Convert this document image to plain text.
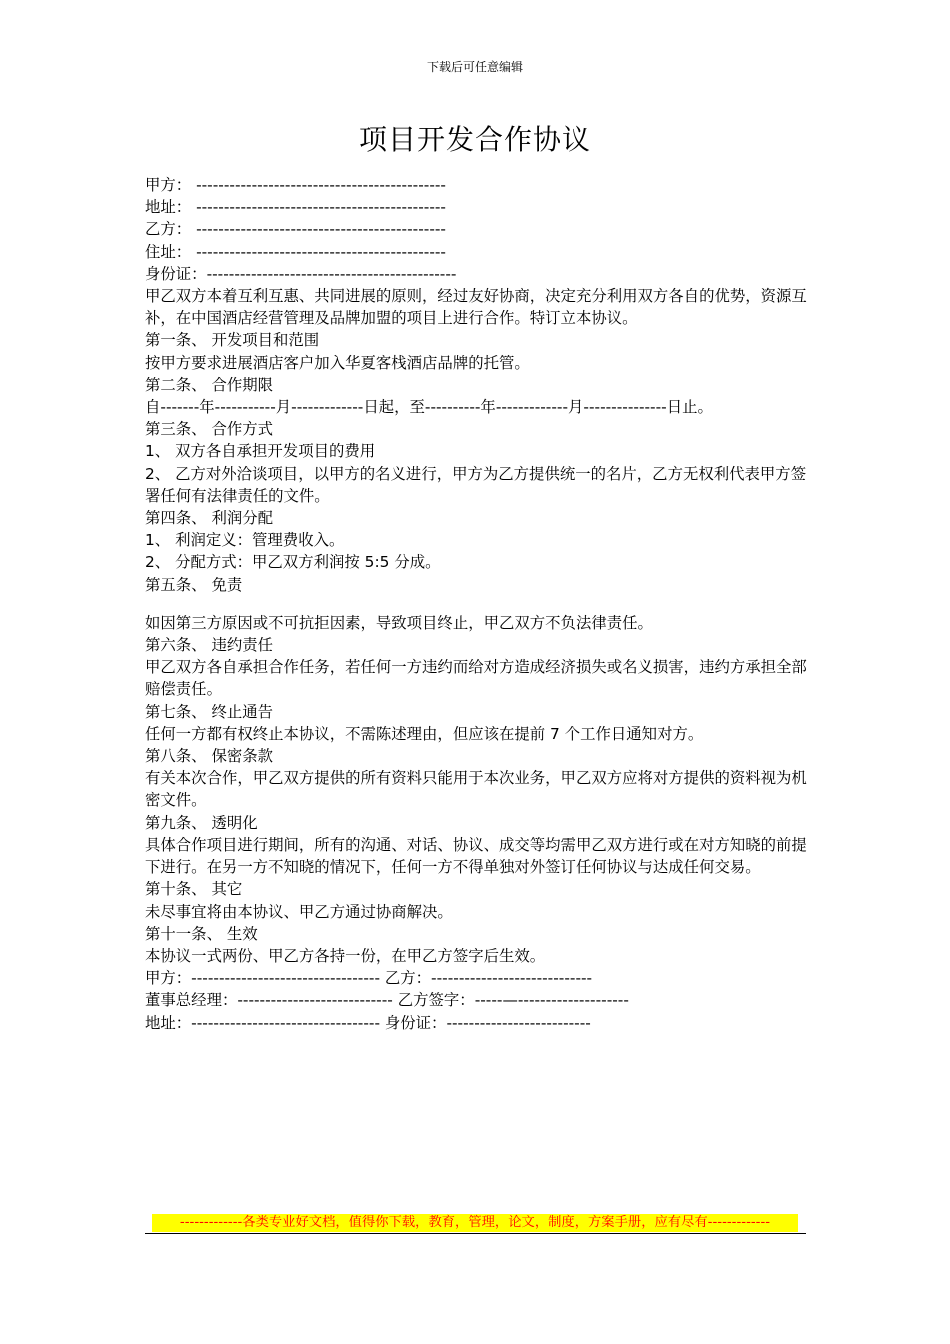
下载后可任意编辑
项目开发合作协议
甲方： ---------------------------------------------
地址： ---------------------------------------------
乙方： ---------------------------------------------
住址： ---------------------------------------------
身份证：---------------------------------------------
甲乙双方本着互利互惠、共同进展的原则，经过友好协商，决定充分利用双方各自的优势，资源互补，在中国酒店经营管理及品牌加盟的项目上进行合作。特订立本协议。
第一条、 开发项目和范围
按甲方要求进展酒店客户加入华夏客栈酒店品牌的托管。
第二条、 合作期限
自-------年-----------月-------------日起，至----------年-------------月---------------日止。
第三条、 合作方式
1、 双方各自承担开发项目的费用
2、 乙方对外洽谈项目，以甲方的名义进行，甲方为乙方提供统一的名片，乙方无权利代表甲方签署任何有法律责任的文件。
第四条、 利润分配
1、 利润定义：管理费收入。
2、 分配方式：甲乙双方利润按 5:5 分成。
第五条、 免责
如因第三方原因或不可抗拒因素，导致项目终止，甲乙双方不负法律责任。
第六条、 违约责任
甲乙双方各自承担合作任务，若任何一方违约而给对方造成经济损失或名义损害，违约方承担全部赔偿责任。
第七条、 终止通告
任何一方都有权终止本协议，不需陈述理由，但应该在提前 7 个工作日通知对方。
第八条、 保密条款
有关本次合作，甲乙双方提供的所有资料只能用于本次业务，甲乙双方应将对方提供的资料视为机密文件。
第九条、 透明化
具体合作项目进行期间，所有的沟通、对话、协议、成交等均需甲乙双方进行或在对方知晓的前提下进行。在另一方不知晓的情况下，任何一方不得单独对外签订任何协议与达成任何交易。
第十条、 其它
未尽事宜将由本协议、甲乙方通过协商解决。
第十一条、 生效
本协议一式两份、甲乙方各持一份，在甲乙方签字后生效。
甲方：---------------------------------- 乙方：-----------------------------
董事总经理：---------------------------- 乙方签字：-----—--------------------
地址：---------------------------------- 身份证：--------------------------
-------------各类专业好文档，值得你下载，教育，管理，论文，制度，方案手册，应有尽有-------------
